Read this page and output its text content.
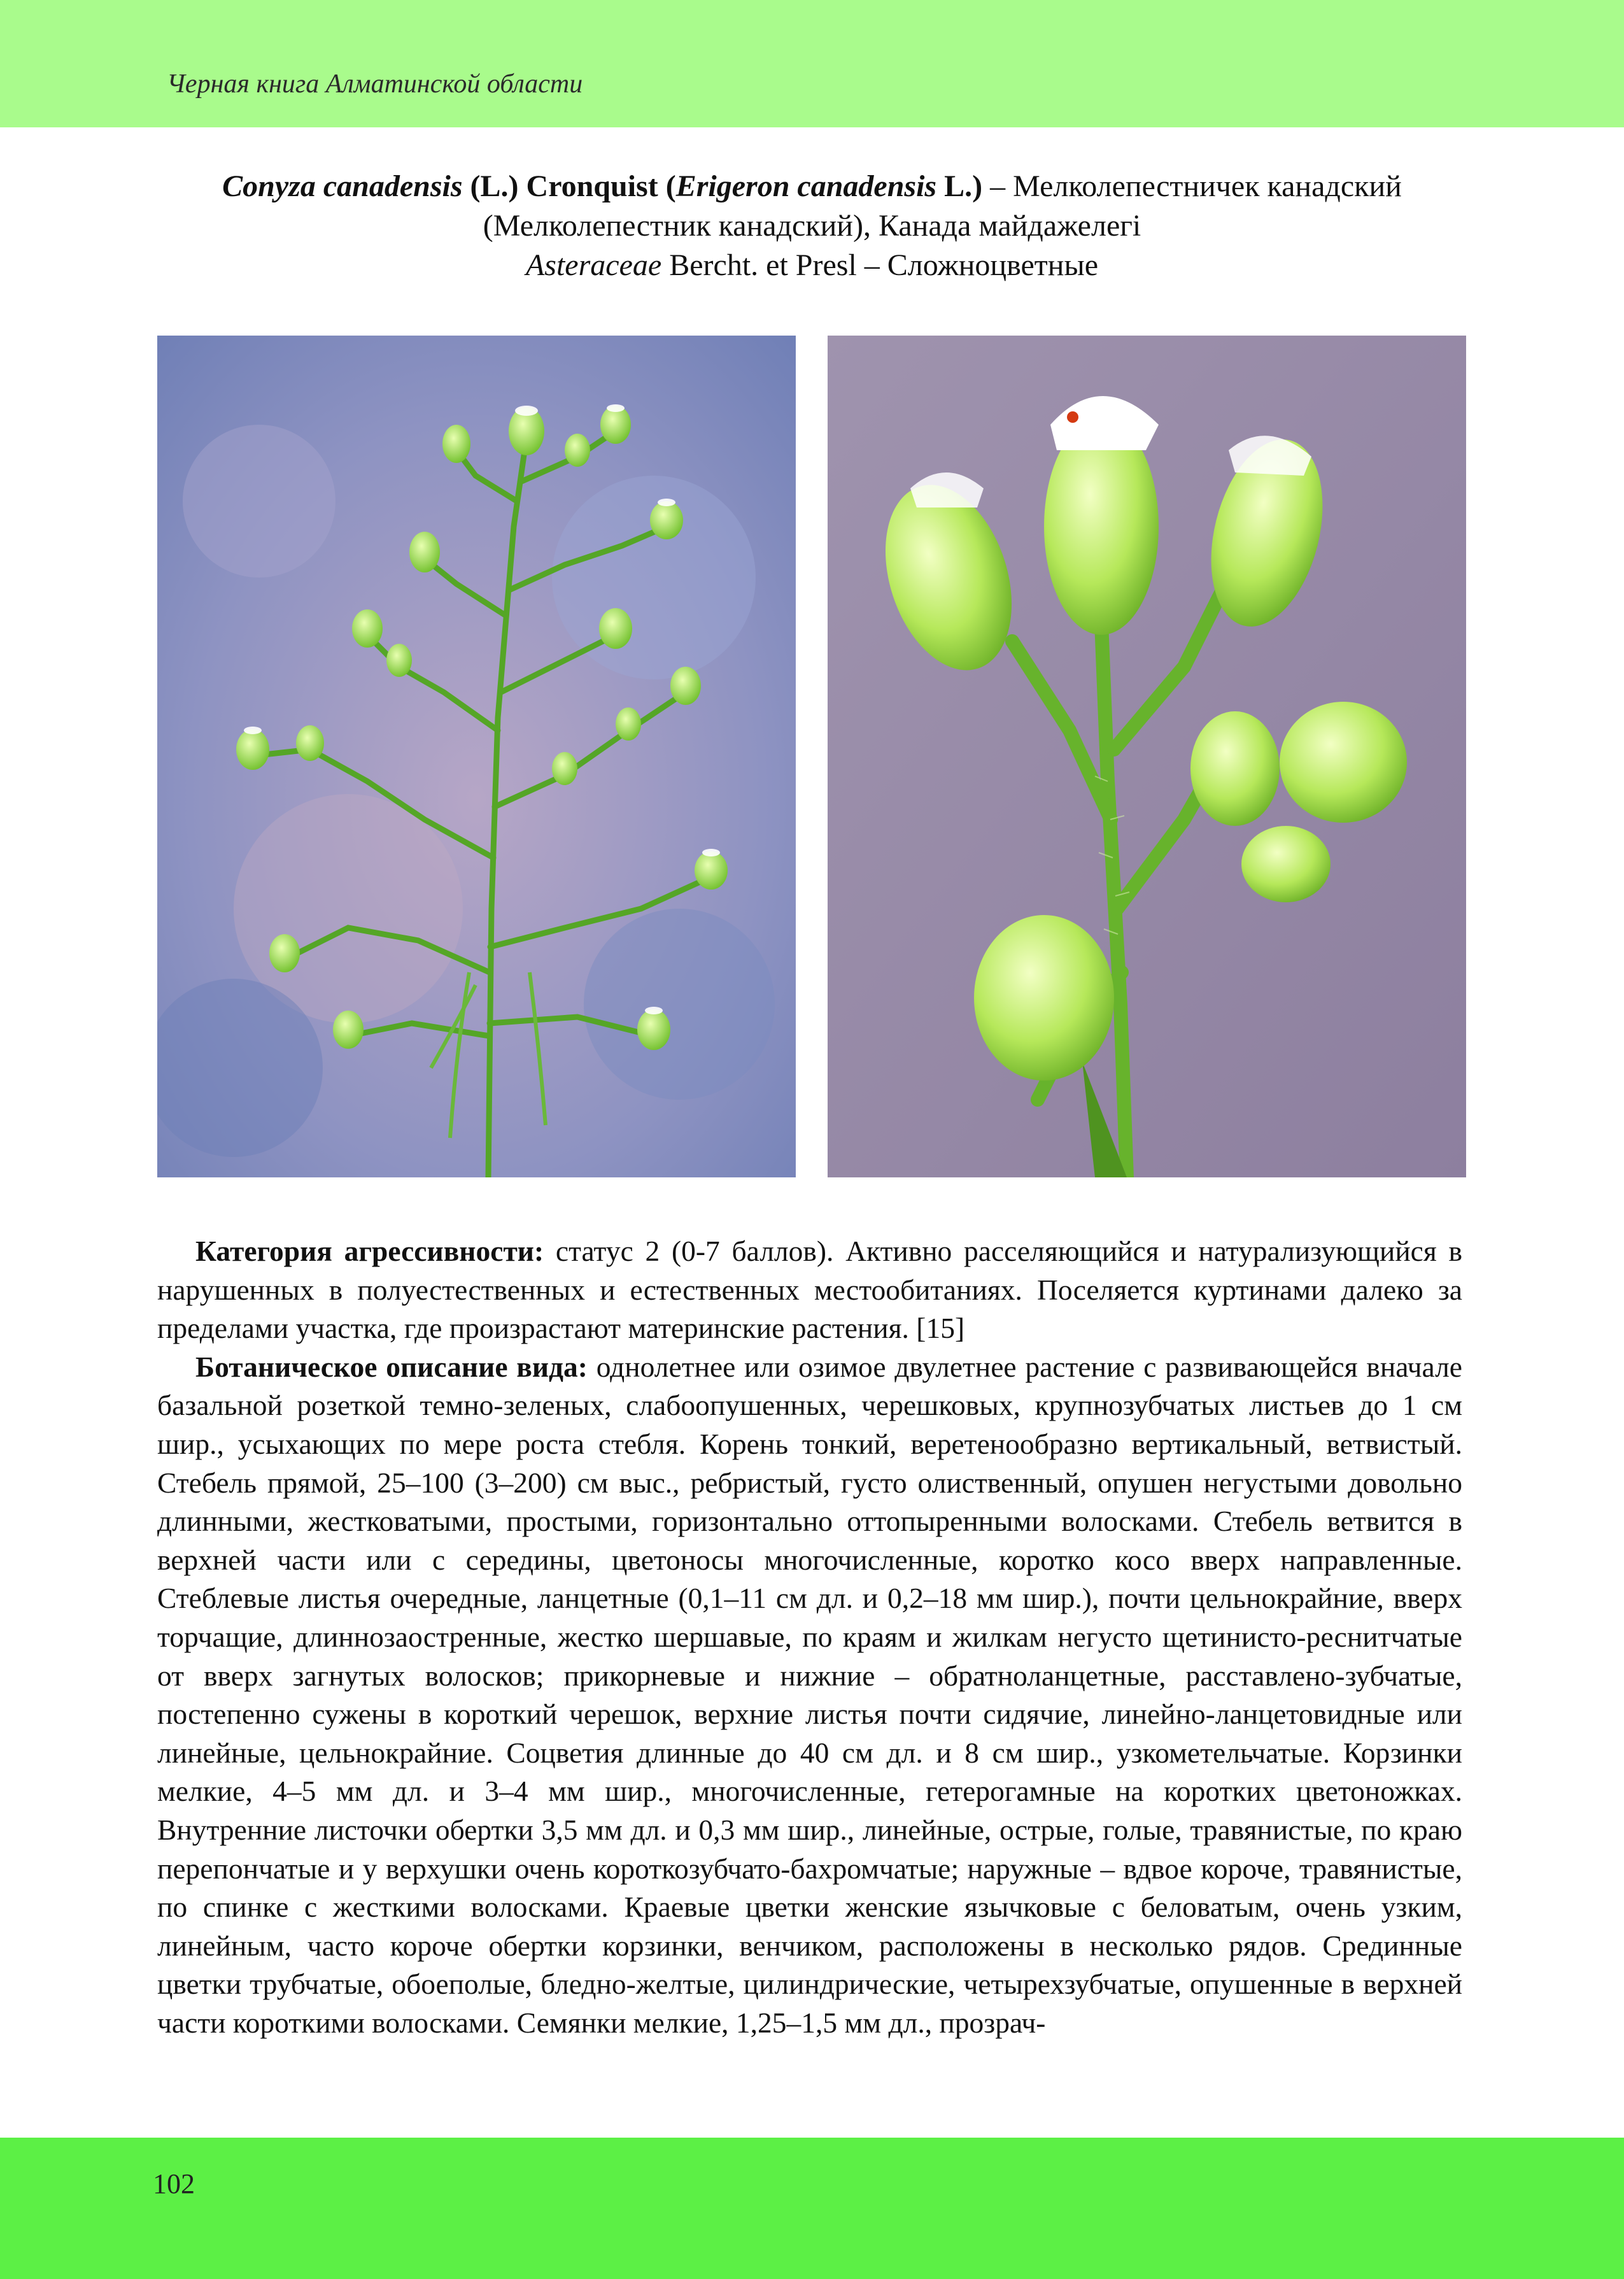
Черная книга Алматинской области
Conyza canadensis (L.) Cronquist (Erigeron canadensis L.) – Мелколепестничек канадский
(Мелколепестник канадский), Канада майдажелегі
Asteraceae Bercht. et Presl – Сложноцветные

Категория агрессивности: статус 2 (0-7 баллов). Активно расселяющийся и натурализующийся в нарушенных в полуестественных и естественных местообитаниях. Поселяется куртинами далеко за пределами участка, где произрастают материнские растения. [15]

Ботаническое описание вида: однолетнее или озимое двулетнее растение с развивающейся вначале базальной розеткой темно-зеленых, слабоопушенных, черешковых, крупнозубчатых листьев до 1 см шир., усыхающих по мере роста стебля. Корень тонкий, веретенообразно вертикальный, ветвистый. Стебель прямой, 25–100 (3–200) см выс., ребристый, густо олиственный, опушен негустыми довольно длинными, жестковатыми, простыми, горизонтально оттопыренными волосками. Стебель ветвится в верхней части или с середины, цветоносы многочисленные, коротко косо вверх направленные. Стеблевые листья очередные, ланцетные (0,1–11 см дл. и 0,2–18 мм шир.), почти цельнокрайние, вверх торчащие, длиннозаостренные, жестко шершавые, по краям и жилкам негусто щетинисто-реснитчатые от вверх загнутых волосков; прикорневые и нижние – обратноланцетные, расставлено-зубчатые, постепенно сужены в короткий черешок, верхние листья почти сидячие, линейно-ланцетовидные или линейные, цельнокрайние. Соцветия длинные до 40 см дл. и 8 см шир., узкометельчатые. Корзинки мелкие, 4–5 мм дл. и 3–4 мм шир., многочисленные, гетерогамные на коротких цветоножках. Внутренние листочки обертки 3,5 мм дл. и 0,3 мм шир., линейные, острые, голые, травянистые, по краю перепончатые и у верхушки очень короткозубчато-бахромчатые; наружные – вдвое короче, травянистые, по спинке с жесткими волосками. Краевые цветки женские язычковые с беловатым, очень узким, линейным, часто короче обертки корзинки, венчиком, расположены в несколько рядов. Срединные цветки трубчатые, обоеполые, бледно-желтые, цилиндрические, четырехзубчатые, опушенные в верхней части короткими волосками. Семянки мелкие, 1,25–1,5 мм дл., прозрач-

102
